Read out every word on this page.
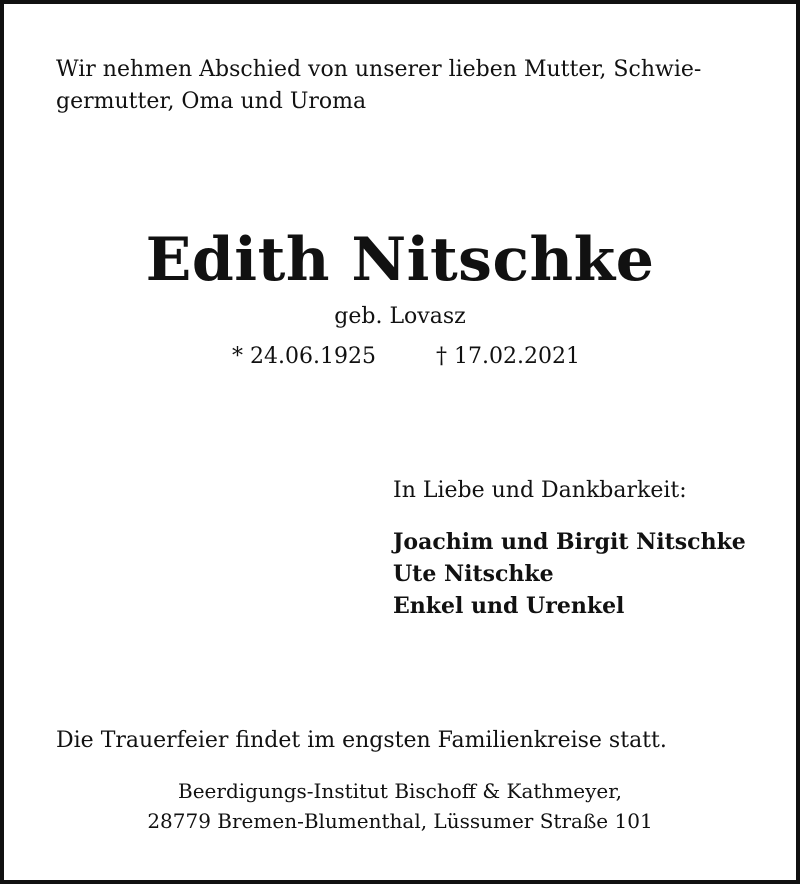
Wir nehmen Abschied von unserer lieben Mutter, Schwie-
germutter, Oma und Uroma

Edith Nitschke

geb. Lovasz

* 24.06.1925	† 17.02.2021

In Liebe und Dankbarkeit:

Joachim und Birgit Nitschke
Ute Nitschke
Enkel und Urenkel

Die Trauerfeier findet im engsten Familienkreise statt.

Beerdigungs-Institut Bischoff & Kathmeyer,
28779 Bremen-Blumenthal, Lüssumer Straße 101
